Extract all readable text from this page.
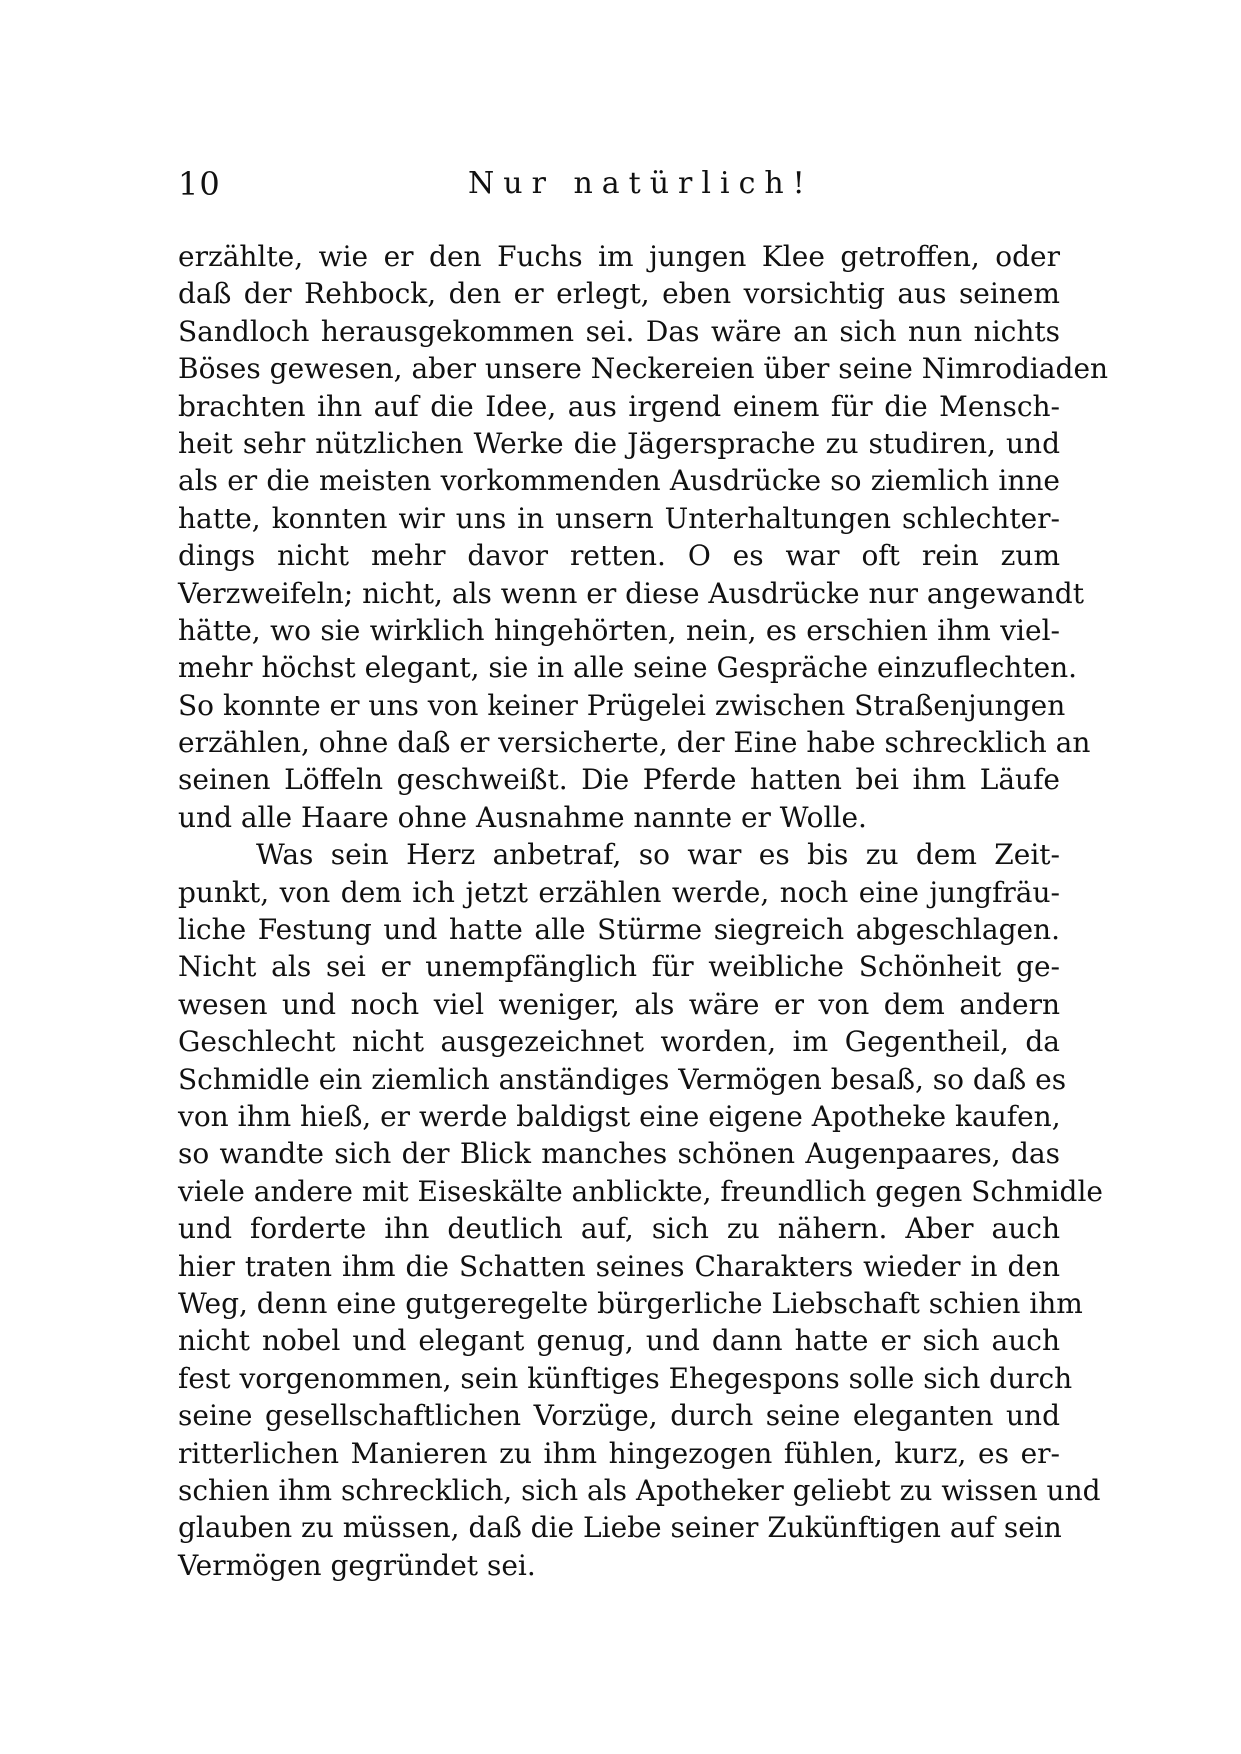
10	Nur natürlich!
erzählte, wie er den Fuchs im jungen Klee getroffen, oder
daß der Rehbock, den er erlegt, eben vorsichtig aus seinem
Sandloch herausgekommen sei. Das wäre an sich nun nichts
Böses gewesen, aber unsere Neckereien über seine Nimrodiaden
brachten ihn auf die Idee, aus irgend einem für die Mensch-
heit sehr nützlichen Werke die Jägersprache zu studiren, und
als er die meisten vorkommenden Ausdrücke so ziemlich inne
hatte, konnten wir uns in unsern Unterhaltungen schlechter-
dings nicht mehr davor retten. O es war oft rein zum
Verzweifeln; nicht, als wenn er diese Ausdrücke nur angewandt
hätte, wo sie wirklich hingehörten, nein, es erschien ihm viel-
mehr höchst elegant, sie in alle seine Gespräche einzuflechten.
So konnte er uns von keiner Prügelei zwischen Straßenjungen
erzählen, ohne daß er versicherte, der Eine habe schrecklich an
seinen Löffeln geschweißt. Die Pferde hatten bei ihm Läufe
und alle Haare ohne Ausnahme nannte er Wolle.
Was sein Herz anbetraf, so war es bis zu dem Zeit-
punkt, von dem ich jetzt erzählen werde, noch eine jungfräu-
liche Festung und hatte alle Stürme siegreich abgeschlagen.
Nicht als sei er unempfänglich für weibliche Schönheit ge-
wesen und noch viel weniger, als wäre er von dem andern
Geschlecht nicht ausgezeichnet worden, im Gegentheil, da
Schmidle ein ziemlich anständiges Vermögen besaß, so daß es
von ihm hieß, er werde baldigst eine eigene Apotheke kaufen,
so wandte sich der Blick manches schönen Augenpaares, das
viele andere mit Eiseskälte anblickte, freundlich gegen Schmidle
und forderte ihn deutlich auf, sich zu nähern. Aber auch
hier traten ihm die Schatten seines Charakters wieder in den
Weg, denn eine gutgeregelte bürgerliche Liebschaft schien ihm
nicht nobel und elegant genug, und dann hatte er sich auch
fest vorgenommen, sein künftiges Ehegespons solle sich durch
seine gesellschaftlichen Vorzüge, durch seine eleganten und
ritterlichen Manieren zu ihm hingezogen fühlen, kurz, es er-
schien ihm schrecklich, sich als Apotheker geliebt zu wissen und
glauben zu müssen, daß die Liebe seiner Zukünftigen auf sein
Vermögen gegründet sei.
